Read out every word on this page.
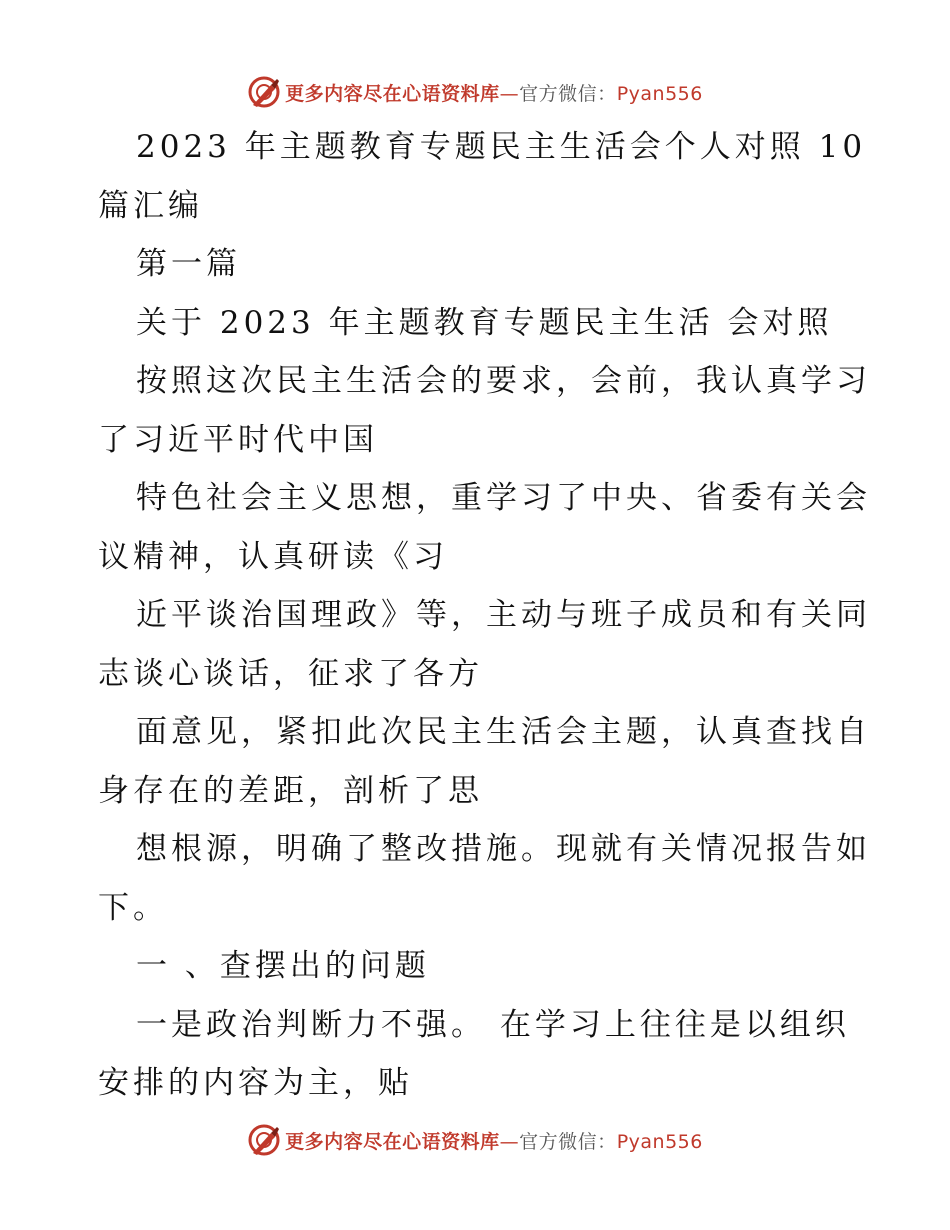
更多内容尽在心语资料库—官方微信：Pyan556

2023 年主题教育专题民主生活会个人对照 10
篇汇编

第一篇

关于 2023 年主题教育专题民主生活 会对照

按照这次民主生活会的要求，会前，我认真学习
了习近平时代中国

特色社会主义思想，重学习了中央、省委有关会
议精神，认真研读《习

近平谈治国理政》等，主动与班子成员和有关同
志谈心谈话，征求了各方

面意见，紧扣此次民主生活会主题，认真查找自
身存在的差距，剖析了思

想根源，明确了整改措施。现就有关情况报告如
下。

一 、查摆出的问题

一是政治判断力不强。 在学习上往往是以组织
安排的内容为主，贴

更多内容尽在心语资料库—官方微信：Pyan556
